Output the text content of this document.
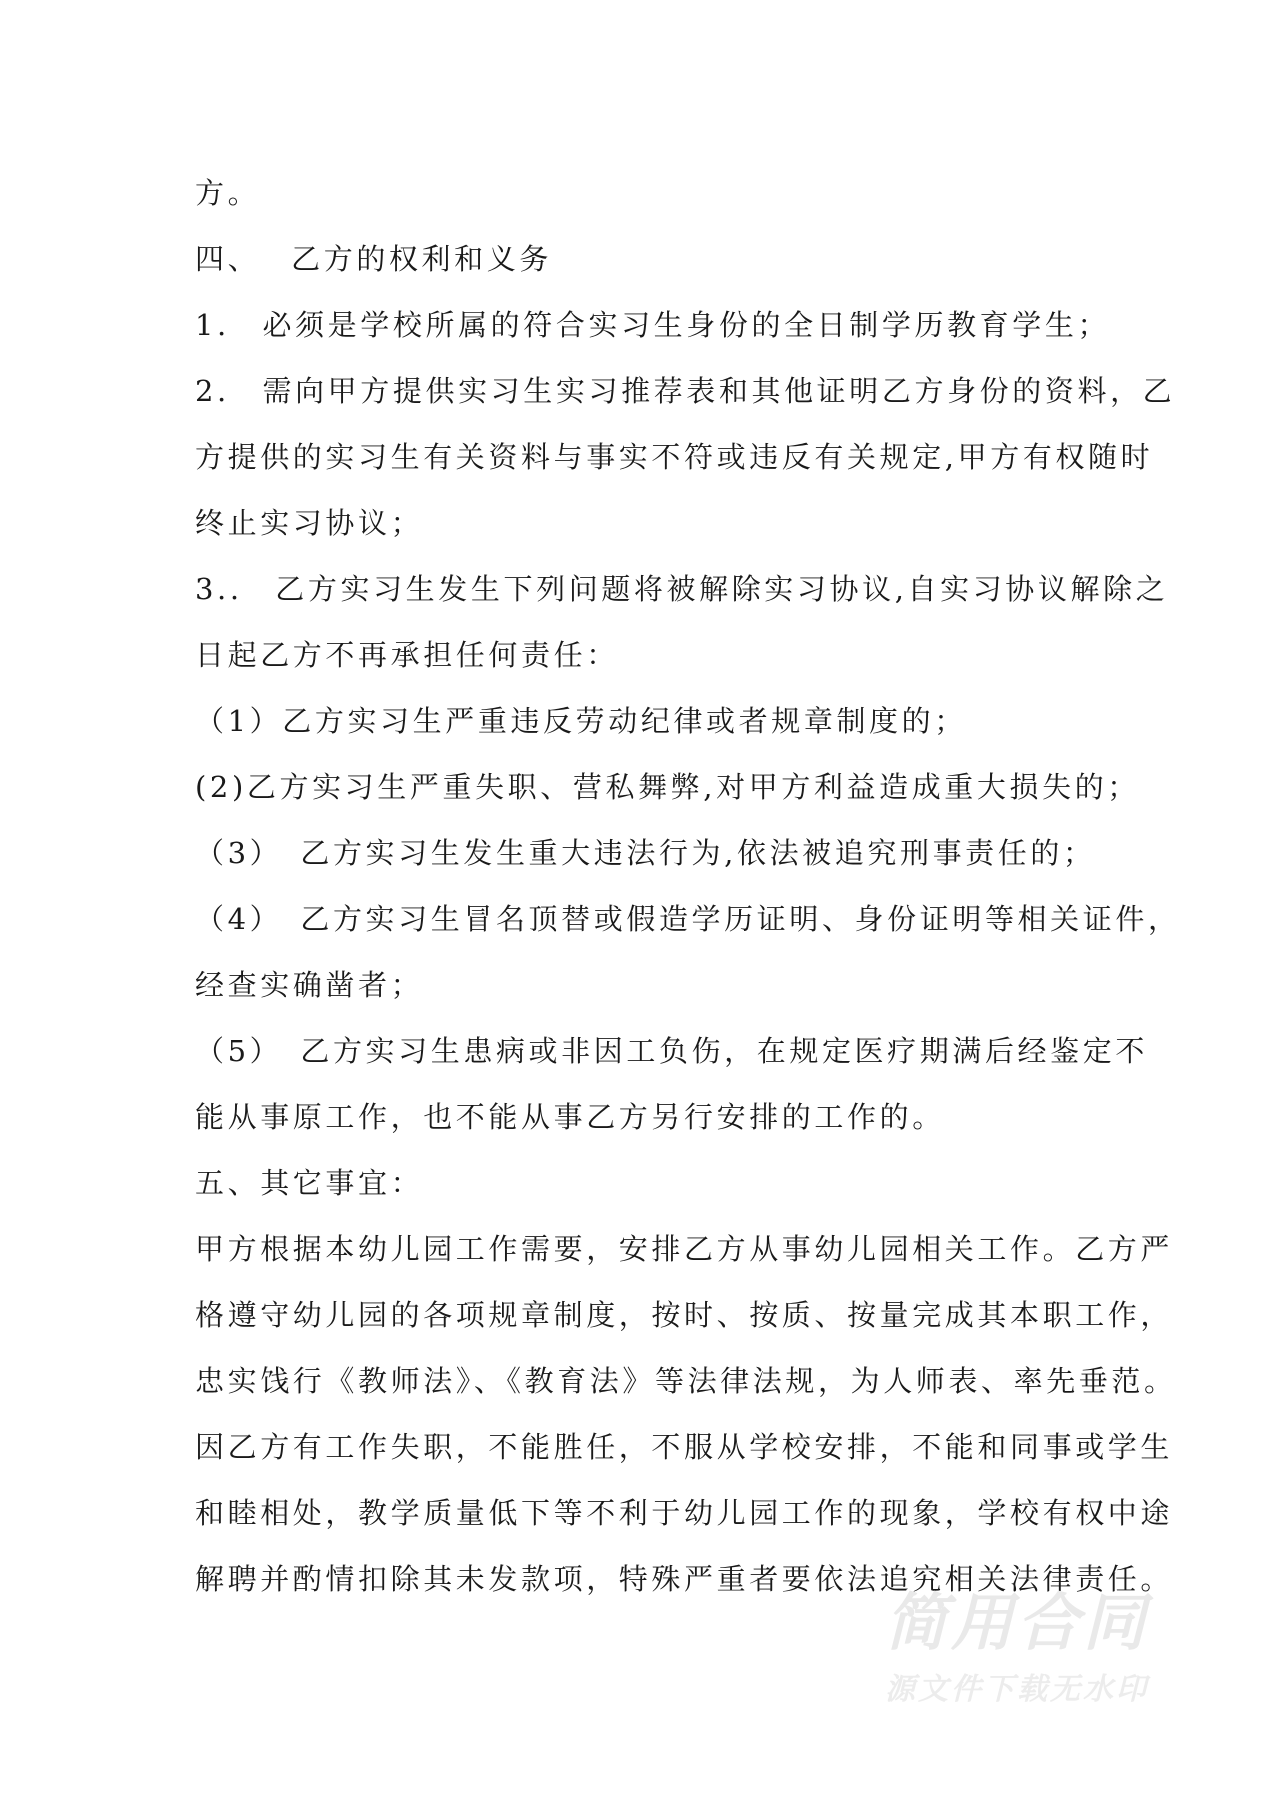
方。
四、　 乙方的权利和义务
1.　必须是学校所属的符合实习生身份的全日制学历教育学生；
2.　需向甲方提供实习生实习推荐表和其他证明乙方身份的资料，乙
方提供的实习生有关资料与事实不符或违反有关规定,甲方有权随时
终止实习协议；
3..　乙方实习生发生下列问题将被解除实习协议,自实习协议解除之
日起乙方不再承担任何责任：
（1）乙方实习生严重违反劳动纪律或者规章制度的；
(2)乙方实习生严重失职、营私舞弊,对甲方利益造成重大损失的；
（3）　乙方实习生发生重大违法行为,依法被追究刑事责任的；
（4）　乙方实习生冒名顶替或假造学历证明、身份证明等相关证件，
经查实确凿者；
（5）　乙方实习生患病或非因工负伤，在规定医疗期满后经鉴定不
能从事原工作，也不能从事乙方另行安排的工作的。
五、其它事宜：
甲方根据本幼儿园工作需要，安排乙方从事幼儿园相关工作。乙方严
格遵守幼儿园的各项规章制度，按时、按质、按量完成其本职工作，
忠实饯行《教师法》、《教育法》等法律法规，为人师表、率先垂范。
因乙方有工作失职，不能胜任，不服从学校安排，不能和同事或学生
和睦相处，教学质量低下等不利于幼儿园工作的现象，学校有权中途
解聘并酌情扣除其未发款项，特殊严重者要依法追究相关法律责任。
简用合同
源文件下载无水印
